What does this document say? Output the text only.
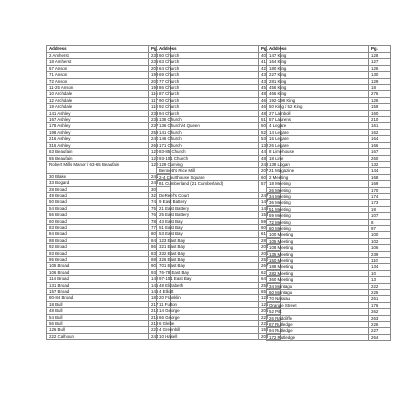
Address	Pg.
2 Amherst	234
18 Amherst	236
67 Anson	202
71 Anson	199
72 Anson	200
11-25 Anson	198
10 Archdale	116
12 Archdale	117
19 Archdale	118
141 Ashley	238
167 Ashley	236
178 Ashley	237
198 Ashley	259
216 Ashley	240
316 Ashley	269
63 Beaufain	120
65 Beaufain	120
Robert Mills Manor / 63-65 Beaufain	120
30 Blake	241
33 Bogard	242
28 Broad	30
49 Broad	32
50 Broad	74
54 Broad	75
56 Broad	76
60 Broad	78
83 Broad	77
84 Broad	80
88 Broad	84
92 Broad	86
93 Broad	83
95 Broad	88
105 Broad	90
106 Broad	93
114 Broad	142
131 Broad	145
157 Broad	146
80-84 Broad	180
18 Bull	217
48 Bull	218
54 Bull	216
56 Bull	219
126 Bull	220
222 Calhoun	244
Address	Pg.
60 Church	40
63 Church	41
64 Church	42
69 Church	43
77 Church	43
86 Church	45
87 Church	48
90 Church	46
92 Church	46
94 Church	48
136 Church	51
136 Church/4 Queen	50
141 Church	52
146 Church	53
171 Church	132
83-85 Church	44
93-101 Church	48
128 Coming	248
Bennett's Rice Mill	207
2-4 Courthouse Square	60
81 Cumberland (21 Cumberland)	57
DeReef's Court	247
9 East Battery	147
21 East Battery	149
25 East Battery	154
43 East Bay	59
51 East Bay	60
53 East Bay	61
123 East Bay	28
321 East Bay	204
332 East Bay	205
326 East Bay	250
701 East Bay	267
76-78 East Bay	62
97-101 East Bay	64
48 Elizabeth	252
4 Elliott	65
20 Franklin	123
11 Fulton	125
14 George	206
66 George	222
6 Glebe	221
4 Greenhill	152
10 Hasell	208
Address	Pg.
147 King	128
164 King	127
180 King	126
227 King	130
281 King	129
456 King	18
466 King	276
192-198 King	126
50 King / 52 King	159
27 Lamboll	160
57 Laurens	210
4 Legare	161
14 Legare	162
15 Legare	164
26 Legare	166
8 Limehouse	167
18 Line	260
138 Logan	132
21 Magazine	144
2 Meeting	168
18 Meeting	169
26 Meeting	170
34 Meeting	174
36 Meeting	173
51 Meeting	18
59 Meeting	107
72 Meeting	8
80 Meeting	97
100 Meeting	100
105 Meeting	102
108 Meeting	106
135 Meeting	239
150 Meeting	110
188 Meeting	134
282 Meeting	10
360 Meeting	13
34 Montagu	222
60 Montagu	225
70 Nassau	261
Orange Street	176
52 Pitt	262
26 Radcliffe	263
87 Rutledge	226
94 Rutledge	227
172 Rutledge	264
